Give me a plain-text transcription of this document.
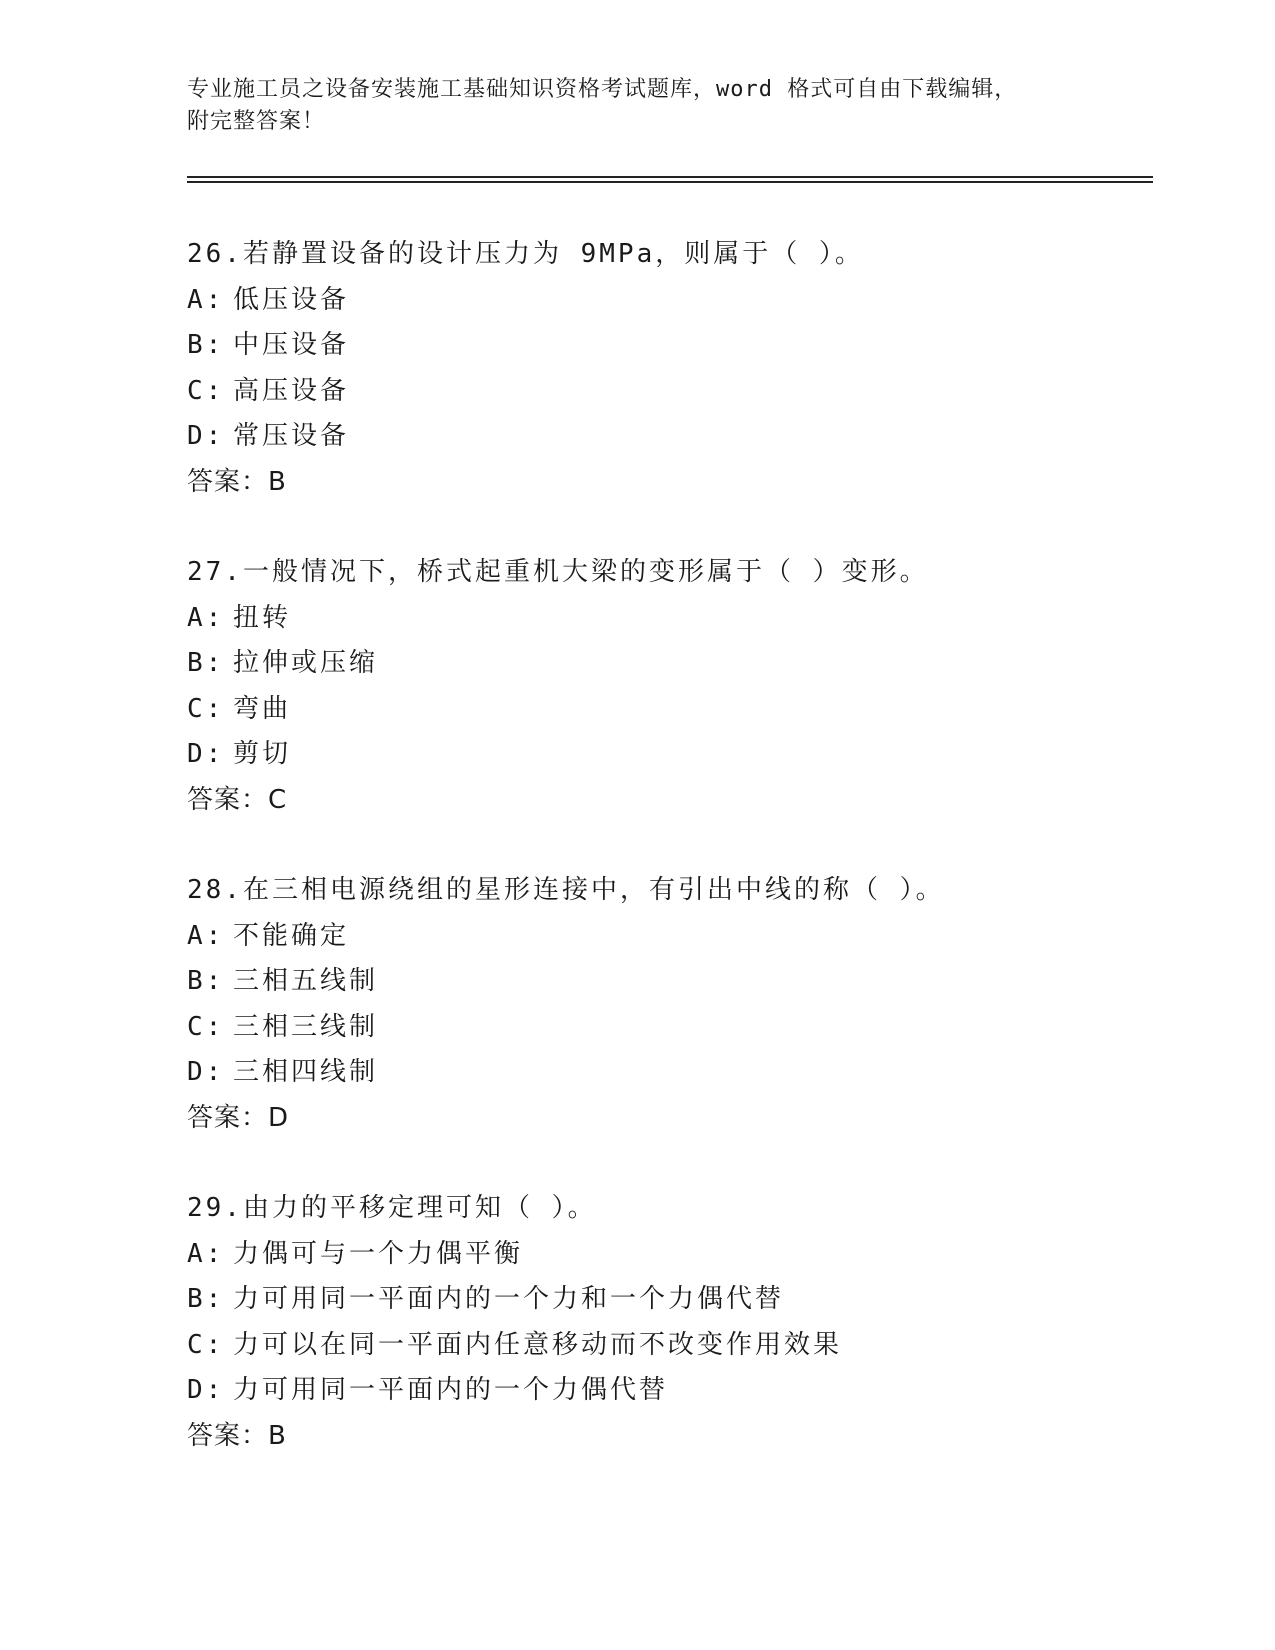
专业施工员之设备安装施工基础知识资格考试题库，word 格式可自由下载编辑，
附完整答案！
26.若静置设备的设计压力为 9MPa，则属于（ ）。
A: 低压设备
B: 中压设备
C: 高压设备
D: 常压设备
答案：B
27.一般情况下，桥式起重机大梁的变形属于（ ）变形。
A: 扭转
B: 拉伸或压缩
C: 弯曲
D: 剪切
答案：C
28.在三相电源绕组的星形连接中，有引出中线的称（ ）。
A: 不能确定
B: 三相五线制
C: 三相三线制
D: 三相四线制
答案：D
29.由力的平移定理可知（ ）。
A: 力偶可与一个力偶平衡
B: 力可用同一平面内的一个力和一个力偶代替
C: 力可以在同一平面内任意移动而不改变作用效果
D: 力可用同一平面内的一个力偶代替
答案：B
